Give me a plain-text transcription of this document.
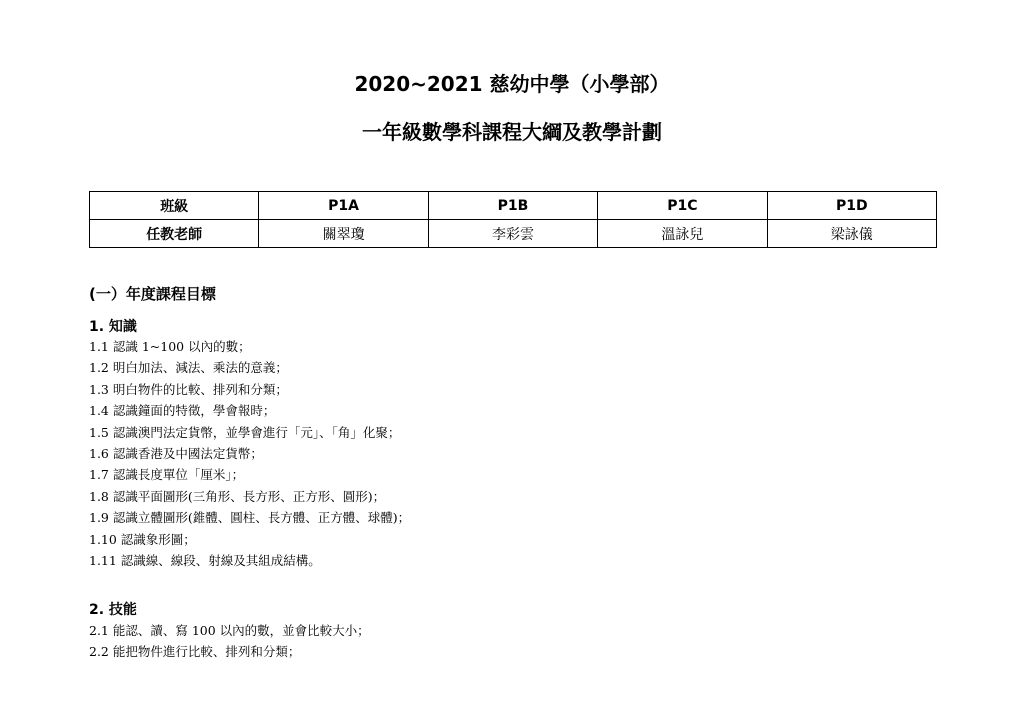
2020~2021 慈幼中學（小學部）
一年級數學科課程大綱及教學計劃
班級	P1A	P1B	P1C	P1D
任教老師	關翠瓊	李彩雲	溫詠兒	梁詠儀
(一）年度課程目標
1. 知識
1.1 認識 1~100 以內的數；
1.2 明白加法、減法、乘法的意義；
1.3 明白物件的比較、排列和分類；
1.4 認識鐘面的特徵，學會報時；
1.5 認識澳門法定貨幣，並學會進行「元」、「角」化聚；
1.6 認識香港及中國法定貨幣；
1.7 認識長度單位「厘米」；
1.8 認識平面圖形(三角形、長方形、正方形、圓形)；
1.9 認識立體圖形(錐體、圓柱、長方體、正方體、球體)；
1.10 認識象形圖；
1.11 認識線、線段、射線及其組成結構。
2. 技能
2.1 能認、讀、寫 100 以內的數，並會比較大小；
2.2 能把物件進行比較、排列和分類；
